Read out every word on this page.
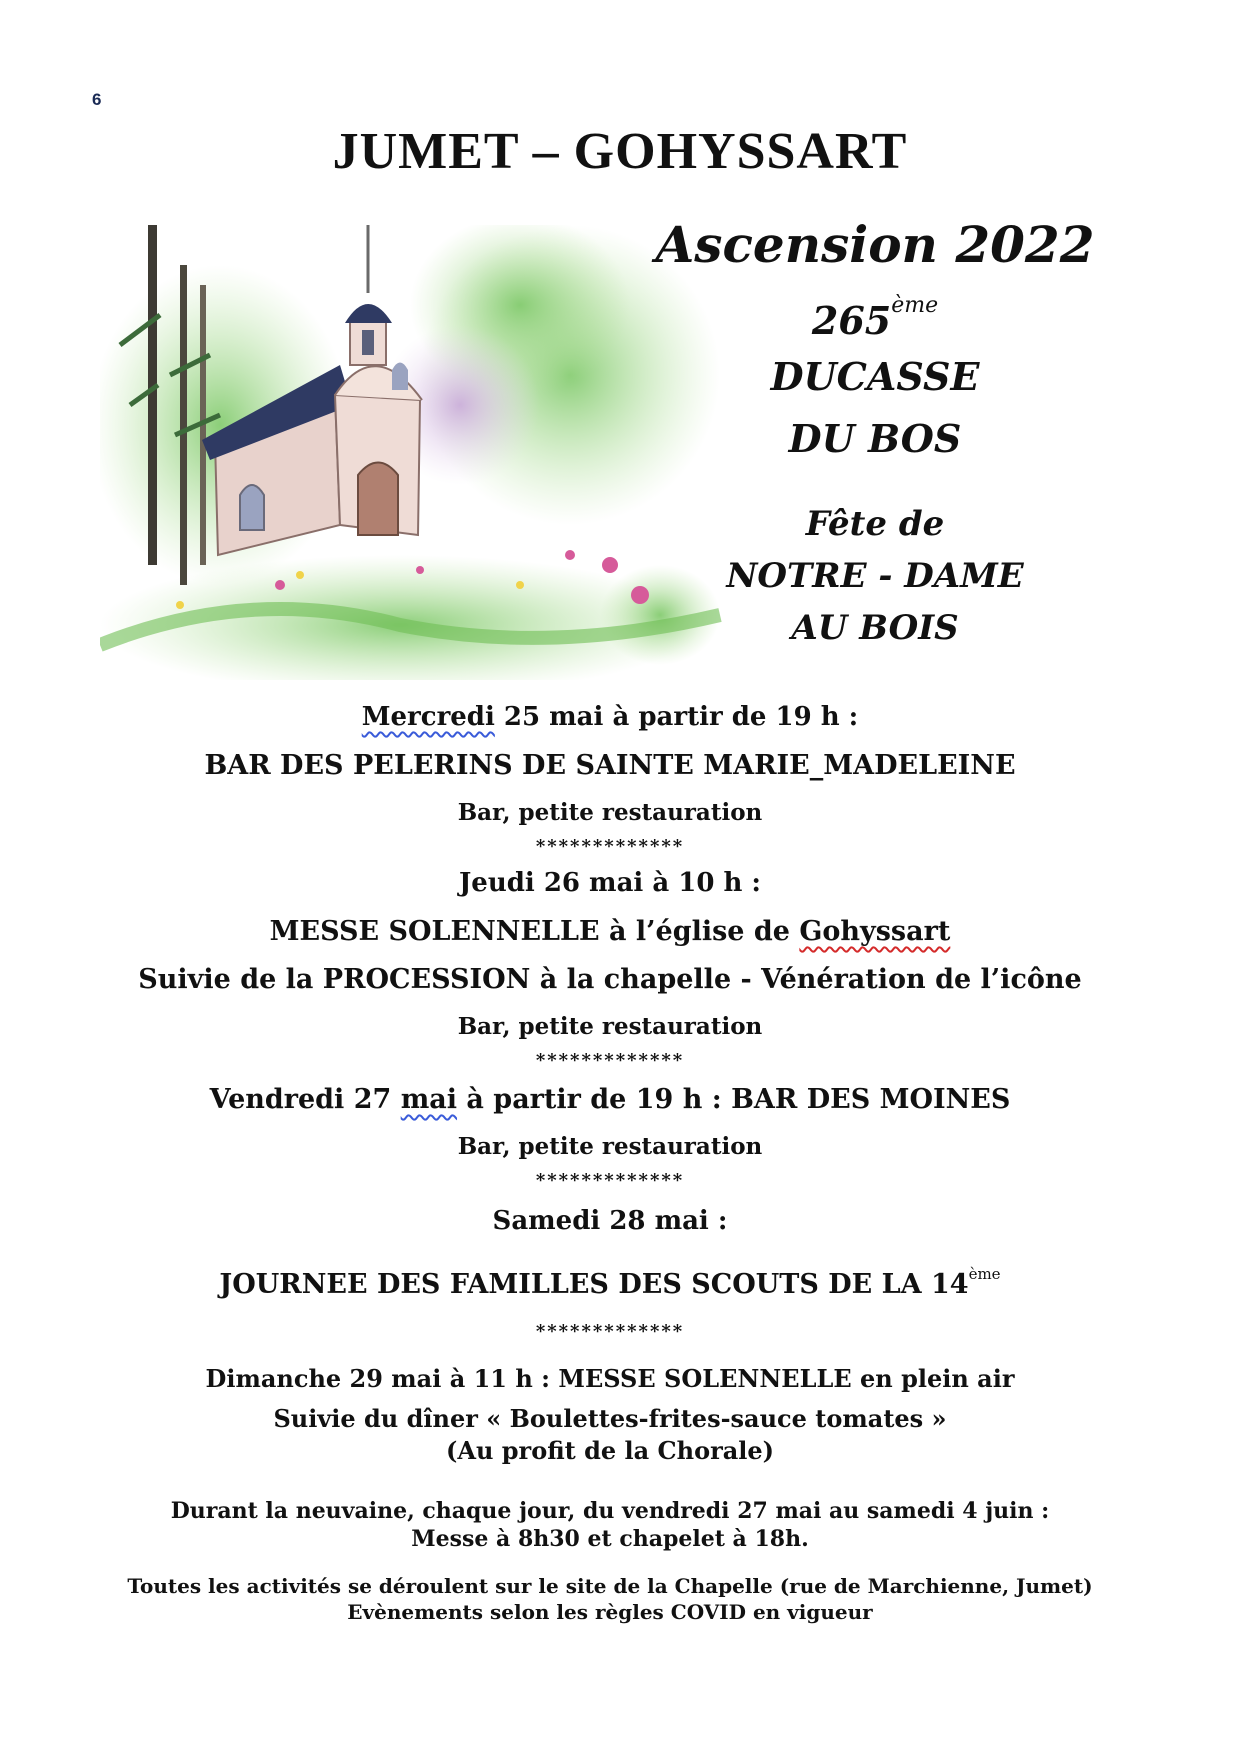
6
JUMET – GOHYSSART
Ascension 2022
265ème
DUCASSE
DU BOS
Fête de
NOTRE - DAME
AU BOIS

Mercredi 25 mai à partir de 19 h :

BAR DES PELERINS DE SAINTE MARIE_MADELEINE

Bar, petite restauration

*************

Jeudi 26 mai à 10 h :

MESSE SOLENNELLE à l’église de Gohyssart

Suivie de la PROCESSION à la chapelle - Vénération de l’icône

Bar, petite restauration

*************

Vendredi 27 mai à partir de 19 h : BAR DES MOINES

Bar, petite restauration

*************

Samedi 28 mai :

JOURNEE DES FAMILLES DES SCOUTS DE LA 14ème

*************

Dimanche 29 mai à 11 h : MESSE SOLENNELLE en plein air

Suivie du dîner « Boulettes-frites-sauce tomates »

(Au profit de la Chorale)

Durant la neuvaine, chaque jour, du vendredi 27 mai au samedi 4 juin :

Messe à 8h30 et chapelet à 18h.

Toutes les activités se déroulent sur le site de la Chapelle (rue de Marchienne, Jumet)

Evènements selon les règles COVID en vigueur
